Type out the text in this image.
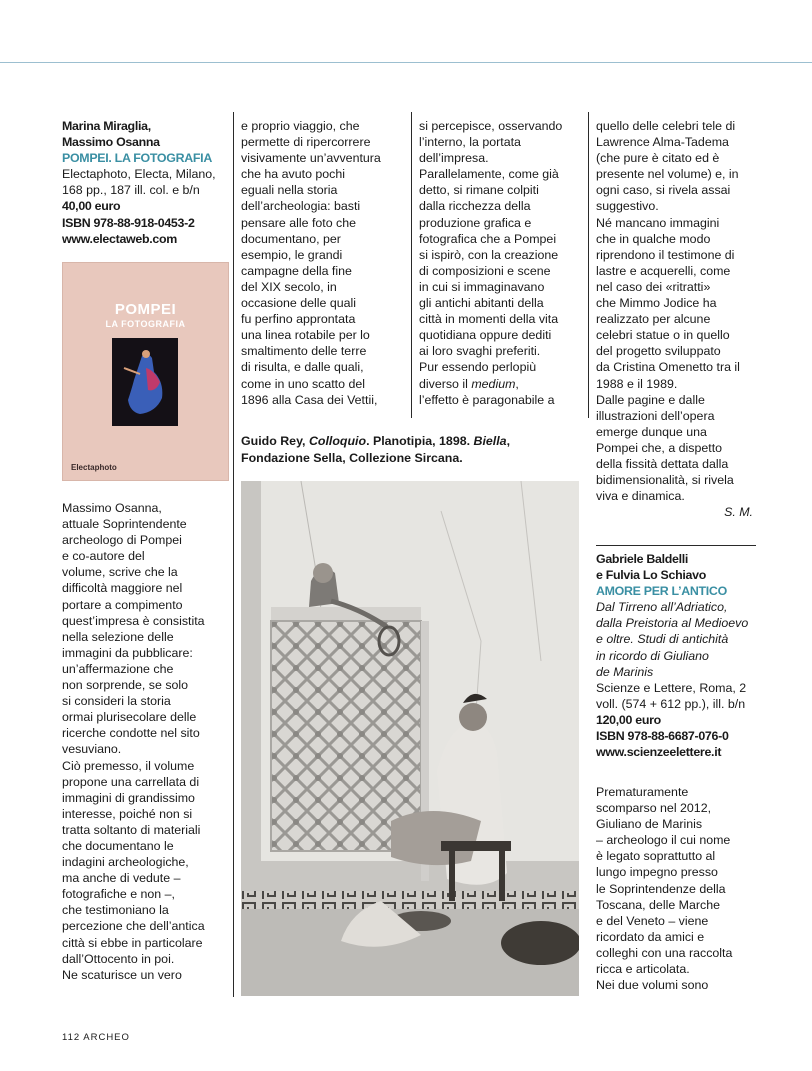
Marina Miraglia,
Massimo Osanna
POMPEI. LA FOTOGRAFIA
Electaphoto, Electa, Milano,
168 pp., 187 ill. col. e b/n
40,00 euro
ISBN 978-88-918-0453-2
www.electaweb.com
POMPEI
LA FOTOGRAFIA
Electaphoto
Massimo Osanna,
attuale Soprintendente
archeologo di Pompei
e co-autore del
volume, scrive che la
difficoltà maggiore nel
portare a compimento
quest’impresa è consistita
nella selezione delle
immagini da pubblicare:
un’affermazione che
non sorprende, se solo
si consideri la storia
ormai plurisecolare delle
ricerche condotte nel sito
vesuviano.
Ciò premesso, il volume
propone una carrellata di
immagini di grandissimo
interesse, poiché non si
tratta soltanto di materiali
che documentano le
indagini archeologiche,
ma anche di vedute –
fotografiche e non –,
che testimoniano la
percezione che dell’antica
città si ebbe in particolare
dall’Ottocento in poi.
Ne scaturisce un vero
e proprio viaggio, che
permette di ripercorrere
visivamente un’avventura
che ha avuto pochi
eguali nella storia
dell’archeologia: basti
pensare alle foto che
documentano, per
esempio, le grandi
campagne della fine
del XIX secolo, in
occasione delle quali
fu perfino approntata
una linea rotabile per lo
smaltimento delle terre
di risulta, e dalle quali,
come in uno scatto del
1896 alla Casa dei Vettii,
si percepisce, osservando
l’interno, la portata
dell’impresa.
Parallelamente, come già
detto, si rimane colpiti
dalla ricchezza della
produzione grafica e
fotografica che a Pompei
si ispirò, con la creazione
di composizioni e scene
in cui si immaginavano
gli antichi abitanti della
città in momenti della vita
quotidiana oppure dediti
ai loro svaghi preferiti.
Pur essendo perlopiù
diverso il medium,
l’effetto è paragonabile a
Guido Rey, Colloquio. Planotipia, 1898. Biella, Fondazione Sella, Collezione Sircana.
quello delle celebri tele di
Lawrence Alma-Tadema
(che pure è citato ed è
presente nel volume) e, in
ogni caso, si rivela assai
suggestivo.
Né mancano immagini
che in qualche modo
riprendono il testimone di
lastre e acquerelli, come
nel caso dei «ritratti»
che Mimmo Jodice ha
realizzato per alcune
celebri statue o in quello
del progetto sviluppato
da Cristina Omenetto tra il
1988 e il 1989.
Dalle pagine e dalle
illustrazioni dell’opera
emerge dunque una
Pompei che, a dispetto
della fissità dettata dalla
bidimensionalità, si rivela
viva e dinamica.
S. M.
Gabriele Baldelli
e Fulvia Lo Schiavo
AMORE PER L’ANTICO
Dal Tirreno all’Adriatico,
dalla Preistoria al Medioevo
e oltre. Studi di antichità
in ricordo di Giuliano
de Marinis
Scienze e Lettere, Roma, 2
voll. (574 + 612 pp.), ill. b/n
120,00 euro
ISBN 978-88-6687-076-0
www.scienzeelettere.it
Prematuramente
scomparso nel 2012,
Giuliano de Marinis
– archeologo il cui nome
è legato soprattutto al
lungo impegno presso
le Soprintendenze della
Toscana, delle Marche
e del Veneto – viene
ricordato da amici e
colleghi con una raccolta
ricca e articolata.
Nei due volumi sono
112 ARCHEO
